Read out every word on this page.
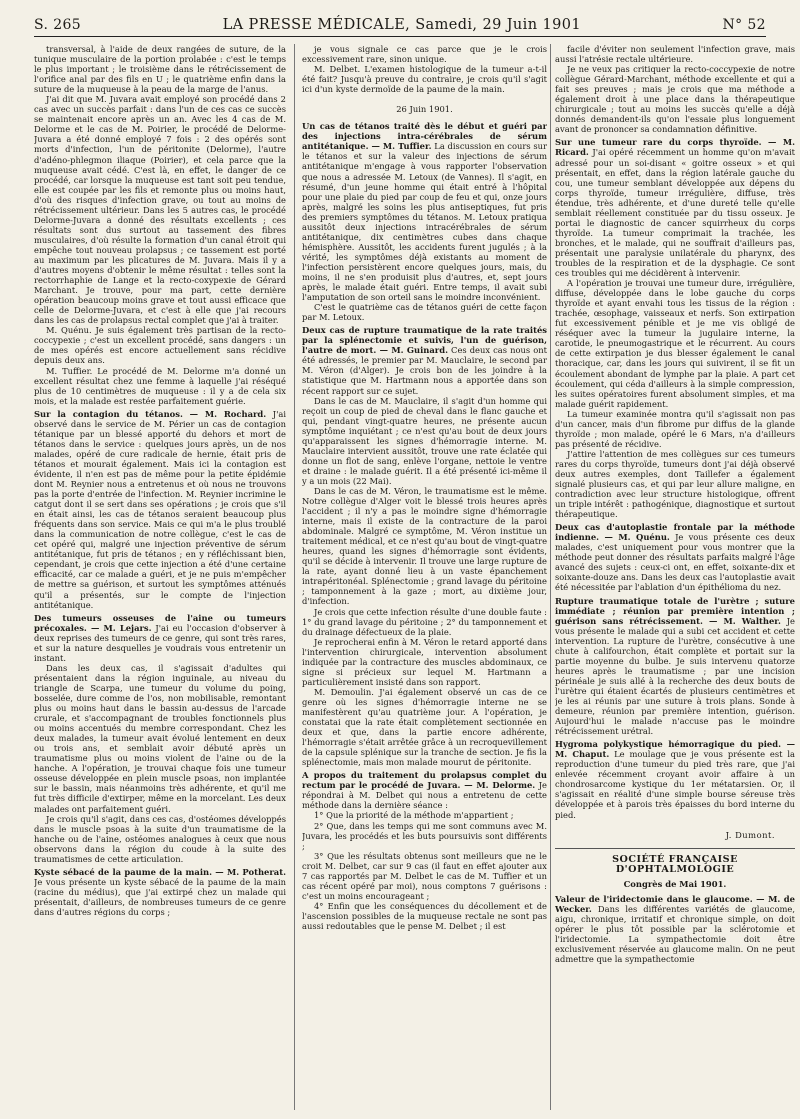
S. 265	LA PRESSE MÉDICALE, Samedi, 29 Juin 1901	N° 52

transversal, à l'aide de deux rangées de suture, de la tunique musculaire de la portion prolabée : c'est le temps le plus important ; le troisième dans le rétrécissement de l'orifice anal par des fils en U ; le quatrième enfin dans la suture de la muqueuse à la peau de la marge de l'anus.

J'ai dit que M. Juvara avait employé son procédé dans 2 cas avec un succès parfait : dans l'un de ces cas ce succès se maintenait encore après un an. Avec les 4 cas de M. Delorme et le cas de M. Poirier, le procédé de Delorme-Juvara a été donné employé 7 fois : 2 des opérés sont morts d'infection, l'un de péritonite (Delorme), l'autre d'adéno-phlegmon iliaque (Poirier), et cela parce que la muqueuse avait cédé. C'est là, en effet, le danger de ce procédé, car lorsque la muqueuse est tant soit peu tendue, elle est coupée par les fils et remonte plus ou moins haut, d'où des risques d'infection grave, ou tout au moins de rétrécissement ultérieur. Dans les 5 autres cas, le procédé Delorme-Juvara a donné des résultats excellents ; ces résultats sont dus surtout au tassement des fibres musculaires, d'où résulte la formation d'un canal étroit qui empêche tout nouveau prolapsus ; ce tassement est porté au maximum par les plicatures de M. Juvara. Mais il y a d'autres moyens d'obtenir le même résultat : telles sont la rectorrhaphie de Lange et la recto-coxypexie de Gérard Marchant. Je trouve, pour ma part, cette dernière opération beaucoup moins grave et tout aussi efficace que celle de Delorme-Juvara, et c'est à elle que j'ai recours dans les cas de prolapsus rectal complet que j'ai à traiter.

M. Quénu. Je suis également très partisan de la recto-coccypexie ; c'est un excellent procédé, sans dangers : un de mes opérés est encore actuellement sans récidive depuis deux ans.

M. Tuffier. Le procédé de M. Delorme m'a donné un excellent résultat chez une femme à laquelle j'ai réséqué plus de 10 centimètres de muqueuse : il y a de cela six mois, et la malade est restée parfaitement guérie.

Sur la contagion du tétanos. — M. Rochard. J'ai observé dans le service de M. Périer un cas de contagion tétanique par un blessé apporté du dehors et mort de tétanos dans le service : quelques jours après, un de nos malades, opéré de cure radicale de hernie, était pris de tétanos et mourait également. Mais ici la contagion est évidente, il n'en est pas de même pour la petite épidémie dont M. Reynier nous a entretenus et où nous ne trouvons pas la porte d'entrée de l'infection. M. Reynier incrimine le catgut dont il se sert dans ses opérations ; je crois que s'il en était ainsi, les cas de tétanos seraient beaucoup plus fréquents dans son service. Mais ce qui m'a le plus troublé dans la communication de notre collègue, c'est le cas de cet opéré qui, malgré une injection préventive de sérum antitétanique, fut pris de tétanos ; en y réfléchissant bien, cependant, je crois que cette injection a été d'une certaine efficacité, car ce malade a guéri, et je ne puis m'empêcher de mettre sa guérison, et surtout les symptômes atténués qu'il a présentés, sur le compte de l'injection antitétanique.

Des tumeurs osseuses de l'aine ou tumeurs précoxales. — M. Lejars. J'ai eu l'occasion d'observer à deux reprises des tumeurs de ce genre, qui sont très rares, et sur la nature desquelles je voudrais vous entretenir un instant.

Dans les deux cas, il s'agissait d'adultes qui présentaient dans la région inguinale, au niveau du triangle de Scarpa, une tumeur du volume du poing, bosselée, dure comme de l'os, non mobilisable, remontant plus ou moins haut dans le bassin au-dessus de l'arcade crurale, et s'accompagnant de troubles fonctionnels plus ou moins accentués du membre correspondant. Chez les deux malades, la tumeur avait évolué lentement en deux ou trois ans, et semblait avoir débuté après un traumatisme plus ou moins violent de l'aine ou de la hanche. A l'opération, je trouvai chaque fois une tumeur osseuse développée en plein muscle psoas, non implantée sur le bassin, mais néanmoins très adhérente, et qu'il me fut très difficile d'extirper, même en la morcelant. Les deux malades ont parfaitement guéri.

Je crois qu'il s'agit, dans ces cas, d'ostéomes développés dans le muscle psoas à la suite d'un traumatisme de la hanche ou de l'aine, ostéomes analogues à ceux que nous observons dans la région du coude à la suite des traumatismes de cette articulation.

Kyste sébacé de la paume de la main. — M. Potherat. Je vous présente un kyste sébacé de la paume de la main (racine du médius), que j'ai extirpé chez un malade qui présentait, d'ailleurs, de nombreuses tumeurs de ce genre dans d'autres régions du corps ;

je vous signale ce cas parce que je le crois excessivement rare, sinon unique.

M. Delbet. L'examen histologique de la tumeur a-t-il été fait? Jusqu'à preuve du contraire, je crois qu'il s'agit ici d'un kyste dermoïde de la paume de la main.

26 Juin 1901.

Un cas de tétanos traité dès le début et guéri par des injections intra-cérébrales de sérum antitétanique. — M. Tuffier. La discussion en cours sur le tétanos et sur la valeur des injections de sérum antitétanique m'engage à vous rapporter l'observation que nous a adressée M. Letoux (de Vannes). Il s'agit, en résumé, d'un jeune homme qui était entré à l'hôpital pour une plaie du pied par coup de feu et qui, onze jours après, malgré les soins les plus antiseptiques, fut pris des premiers symptômes du tétanos. M. Letoux pratiqua aussitôt deux injections intracérébrales de sérum antitétanique, dix centimètres cubes dans chaque hémisphère. Aussitôt, les accidents furent jugulés ; à la vérité, les symptômes déjà existants au moment de l'infection persistèrent encore quelques jours, mais, du moins, il ne s'en produisit plus d'autres, et, sept jours après, le malade était guéri. Entre temps, il avait subi l'amputation de son orteil sans le moindre inconvénient.

C'est le quatrième cas de tétanos guéri de cette façon par M. Letoux.

Deux cas de rupture traumatique de la rate traités par la splénectomie et suivis, l'un de guérison, l'autre de mort. — M. Guinard. Ces deux cas nous ont été adressés, le premier par M. Mauclaire, le second par M. Véron (d'Alger). Je crois bon de les joindre à la statistique que M. Hartmann nous a apportée dans son récent rapport sur ce sujet.

Dans le cas de M. Mauclaire, il s'agit d'un homme qui reçoit un coup de pied de cheval dans le flanc gauche et qui, pendant vingt-quatre heures, ne présente aucun symptôme inquiétant ; ce n'est qu'au bout de deux jours qu'apparaissent les signes d'hémorragie interne. M. Mauclaire intervient aussitôt, trouve une rate éclatée qui donne un flot de sang, enlève l'organe, nettoie le ventre et draine : le malade guérit. Il a été présenté ici-même il y a un mois (22 Mai).

Dans le cas de M. Véron, le traumatisme est le même. Notre collègue d'Alger voit le blessé trois heures après l'accident ; il n'y a pas le moindre signe d'hémorragie interne, mais il existe de la contracture de la paroi abdominale. Malgré ce symptôme, M. Véron institue un traitement médical, et ce n'est qu'au bout de vingt-quatre heures, quand les signes d'hémorragie sont évidents, qu'il se décide à intervenir. Il trouve une large rupture de la rate, ayant donné lieu à un vaste épanchement intrapéritonéal. Splénectomie ; grand lavage du péritoine ; tamponnement à la gaze ; mort, au dixième jour, d'infection.

Je crois que cette infection résulte d'une double faute : 1° du grand lavage du péritoine ; 2° du tamponnement et du drainage défectueux de la plaie.

Je reprocherai enfin à M. Véron le retard apporté dans l'intervention chirurgicale, intervention absolument indiquée par la contracture des muscles abdominaux, ce signe si précieux sur lequel M. Hartmann a particulièrement insisté dans son rapport.

M. Demoulin. J'ai également observé un cas de ce genre où les signes d'hémorragie interne ne se manifestèrent qu'au quatrième jour. A l'opération, je constatai que la rate était complètement sectionnée en deux et que, dans la partie encore adhérente, l'hémorragie s'était arrêtée grâce à un recroquevillement de la capsule splénique sur la tranche de section. Je fis la splénectomie, mais mon malade mourut de péritonite.

A propos du traitement du prolapsus complet du rectum par le procédé de Juvara. — M. Delorme. Je répondrai à M. Delbet qui nous a entretenu de cette méthode dans la dernière séance :

1° Que la priorité de la méthode m'appartient ;

2° Que, dans les temps qui me sont communs avec M. Juvara, les procédés et les buts poursuivis sont différents ;

3° Que les résultats obtenus sont meilleurs que ne le croit M. Delbet, car sur 9 cas (il faut en effet ajouter aux 7 cas rapportés par M. Delbet le cas de M. Tuffier et un cas récent opéré par moi), nous comptons 7 guérisons : c'est un moins encourageant ;

4° Enfin que les conséquences du décollement et de l'ascension possibles de la muqueuse rectale ne sont pas aussi redoutables que le pense M. Delbet ; il est

facile d'éviter non seulement l'infection grave, mais aussi l'atrésie rectale ultérieure.

Je ne veux pas critiquer la recto-coccypexie de notre collègue Gérard-Marchant, méthode excellente et qui a fait ses preuves ; mais je crois que ma méthode a également droit à une place dans la thérapeutique chirurgicale ; tout au moins les succès qu'elle a déjà donnés demandent-ils qu'on l'essaie plus longuement avant de prononcer sa condamnation définitive.

Sur une tumeur rare du corps thyroïde. — M. Ricard. J'ai opéré récemment un homme qu'on m'avait adressé pour un soi-disant « goitre osseux » et qui présentait, en effet, dans la région latérale gauche du cou, une tumeur semblant développée aux dépens du corps thyroïde, tumeur irrégulière, diffuse, très étendue, très adhérente, et d'une dureté telle qu'elle semblait réellement constituée par du tissu osseux. Je portai le diagnostic de cancer squirrheux du corps thyroïde. La tumeur comprimait la trachée, les bronches, et le malade, qui ne souffrait d'ailleurs pas, présentait une paralysie unilatérale du pharynx, des troubles de la respiration et de la dysphagie. Ce sont ces troubles qui me décidèrent à intervenir.

A l'opération je trouvai une tumeur dure, irrégulière, diffuse, développée dans le lobe gauche du corps thyroïde et ayant envahi tous les tissus de la région : trachée, œsophage, vaisseaux et nerfs. Son extirpation fut excessivement pénible et je me vis obligé de réséquer avec la tumeur la jugulaire interne, la carotide, le pneumogastrique et le récurrent. Au cours de cette extirpation je dus blesser également le canal thoracique, car, dans les jours qui suivirent, il se fit un écoulement abondant de lymphe par la plaie. A part cet écoulement, qui céda d'ailleurs à la simple compression, les suites opératoires furent absolument simples, et ma malade guérit rapidement.

La tumeur examinée montra qu'il s'agissait non pas d'un cancer, mais d'un fibrome pur diffus de la glande thyroïde ; mon malade, opéré le 6 Mars, n'a d'ailleurs pas présenté de récidive.

J'attire l'attention de mes collègues sur ces tumeurs rares du corps thyroïde, tumeurs dont j'ai déjà observé deux autres exemples, dont Taillefer a également signalé plusieurs cas, et qui par leur allure maligne, en contradiction avec leur structure histologique, offrent un triple intérêt : pathogénique, diagnostique et surtout thérapeutique.

Deux cas d'autoplastie frontale par la méthode indienne. — M. Quénu. Je vous présente ces deux malades, c'est uniquement pour vous montrer que la méthode peut donner des résultats parfaits malgré l'âge avancé des sujets : ceux-ci ont, en effet, soixante-dix et soixante-douze ans. Dans les deux cas l'autoplastie avait été nécessitée par l'ablation d'un épithélioma du nez.

Rupture traumatique totale de l'urètre ; suture immédiate ; réunion par première intention ; guérison sans rétrécissement. — M. Walther. Je vous présente le malade qui a subi cet accident et cette intervention. La rupture de l'urètre, consécutive à une chute à califourchon, était complète et portait sur la partie moyenne du bulbe. Je suis intervenu quatorze heures après le traumatisme ; par une incision périnéale je suis allé à la recherche des deux bouts de l'urètre qui étaient écartés de plusieurs centimètres et je les ai réunis par une suture à trois plans. Sonde à demeure, réunion par première intention, guérison. Aujourd'hui le malade n'accuse pas le moindre rétrécissement urétral.

Hygroma polykystique hémorragique du pied. — M. Chaput. Le moulage que je vous présente est la reproduction d'une tumeur du pied très rare, que j'ai enlevée récemment croyant avoir affaire à un chondrosarcome kystique du 1er métatarsien. Or, il s'agissait en réalité d'une simple bourse séreuse très développée et à parois très épaisses du bord interne du pied.

J. Dumont.

SOCIÉTÉ FRANÇAISE D'OPHTALMOLOGIE

Congrès de Mai 1901.

Valeur de l'iridectomie dans le glaucome. — M. de Wecker. Dans les différentes variétés de glaucome, aigu, chronique, irritatif et chronique simple, on doit opérer le plus tôt possible par la sclérotomie et l'iridectomie. La sympathectomie doit être exclusivement réservée au glaucome malin. On ne peut admettre que la sympathectomie
